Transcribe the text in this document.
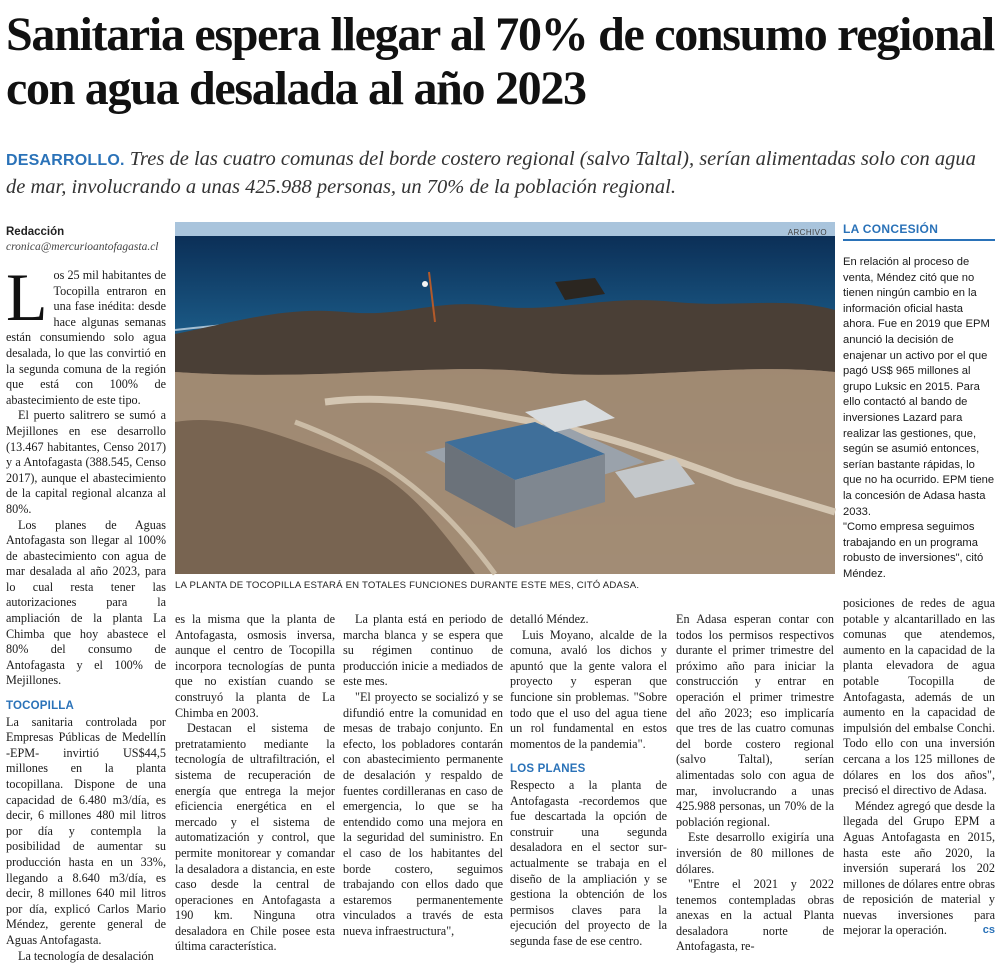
Sanitaria espera llegar al 70% de consumo regional con agua desalada al año 2023
DESARROLLO. Tres de las cuatro comunas del borde costero regional (salvo Taltal), serían alimentadas solo con agua de mar, involucrando a unas 425.988 personas, un 70% de la población regional.
Redacción
cronica@mercurioantofagasta.cl

Los 25 mil habitantes de Tocopilla entraron en una fase inédita: desde hace algunas semanas están consumiendo solo agua desalada, lo que las convirtió en la segunda comuna de la región que está con 100% de abastecimiento de este tipo.

El puerto salitrero se sumó a Mejillones en ese desarrollo (13.467 habitantes, Censo 2017) y a Antofagasta (388.545, Censo 2017), aunque el abastecimiento de la capital regional alcanza al 80%.

Los planes de Aguas Antofagasta son llegar al 100% de abastecimiento con agua de mar desalada al año 2023, para lo cual resta tener las autorizaciones para la ampliación de la planta La Chimba que hoy abastece el 80% del consumo de Antofagasta y el 100% de Mejillones.

TOCOPILLA

La sanitaria controlada por Empresas Públicas de Medellín -EPM- invirtió US$44,5 millones en la planta tocopillana. Dispone de una capacidad de 6.480 m3/día, es decir, 6 millones 480 mil litros por día y contempla la posibilidad de aumentar su producción hasta en un 33%, llegando a 8.640 m3/día, es decir, 8 millones 640 mil litros por día, explicó Carlos Mario Méndez, gerente general de Aguas Antofagasta.

La tecnología de desalación

ARCHIVO
LA PLANTA DE TOCOPILLA ESTARÁ EN TOTALES FUNCIONES DURANTE ESTE MES, CITÓ ADASA.
LA CONCESIÓN
En relación al proceso de venta, Méndez citó que no tienen ningún cambio en la información oficial hasta ahora. Fue en 2019 que EPM anunció la decisión de enajenar un activo por el que pagó US$ 965 millones al grupo Luksic en 2015. Para ello contactó al bando de inversiones Lazard para realizar las gestiones, que, según se asumió entonces, serían bastante rápidas, lo que no ha ocurrido. EPM tiene la concesión de Adasa hasta 2033.
"Como empresa seguimos trabajando en un programa robusto de inversiones", citó Méndez.

es la misma que la planta de Antofagasta, osmosis inversa, aunque el centro de Tocopilla incorpora tecnologías de punta que no existían cuando se construyó la planta de La Chimba en 2003.

Destacan el sistema de pretratamiento mediante la tecnología de ultrafiltración, el sistema de recuperación de energía que entrega la mejor eficiencia energética en el mercado y el sistema de automatización y control, que permite monitorear y comandar la desaladora a distancia, en este caso desde la central de operaciones en Antofagasta a 190 km. Ninguna otra desaladora en Chile posee esta última característica.

La planta está en periodo de marcha blanca y se espera que su régimen continuo de producción inicie a mediados de este mes.

"El proyecto se socializó y se difundió entre la comunidad en mesas de trabajo conjunto. En efecto, los pobladores contarán con abastecimiento permanente de desalación y respaldo de fuentes cordilleranas en caso de emergencia, lo que se ha entendido como una mejora en la seguridad del suministro. En el caso de los habitantes del borde costero, seguimos trabajando con ellos dado que estaremos permanentemente vinculados a través de esta nueva infraestructura",

detalló Méndez.

Luis Moyano, alcalde de la comuna, avaló los dichos y apuntó que la gente valora el proyecto y esperan que funcione sin problemas. "Sobre todo que el uso del agua tiene un rol fundamental en estos momentos de la pandemia".

LOS PLANES

Respecto a la planta de Antofagasta -recordemos que fue descartada la opción de construir una segunda desaladora en el sector sur- actualmente se trabaja en el diseño de la ampliación y se gestiona la obtención de los permisos claves para la ejecución del proyecto de la segunda fase de ese centro.

En Adasa esperan contar con todos los permisos respectivos durante el primer trimestre del próximo año para iniciar la construcción y entrar en operación el primer trimestre del año 2023; eso implicaría que tres de las cuatro comunas del borde costero regional (salvo Taltal), serían alimentadas solo con agua de mar, involucrando a unas 425.988 personas, un 70% de la población regional.

Este desarrollo exigiría una inversión de 80 millones de dólares.

"Entre el 2021 y 2022 tenemos contempladas obras anexas en la actual Planta desaladora norte de Antofagasta, re-

posiciones de redes de agua potable y alcantarillado en las comunas que atendemos, aumento en la capacidad de la planta elevadora de agua potable Tocopilla de Antofagasta, además de un aumento en la capacidad de impulsión del embalse Conchi. Todo ello con una inversión cercana a los 125 millones de dólares en los dos años", precisó el directivo de Adasa.

Méndez agregó que desde la llegada del Grupo EPM a Aguas Antofagasta en 2015, hasta este año 2020, la inversión superará los 202 millones de dólares entre obras de reposición de material y nuevas inversiones para mejorar la operación.	cs
